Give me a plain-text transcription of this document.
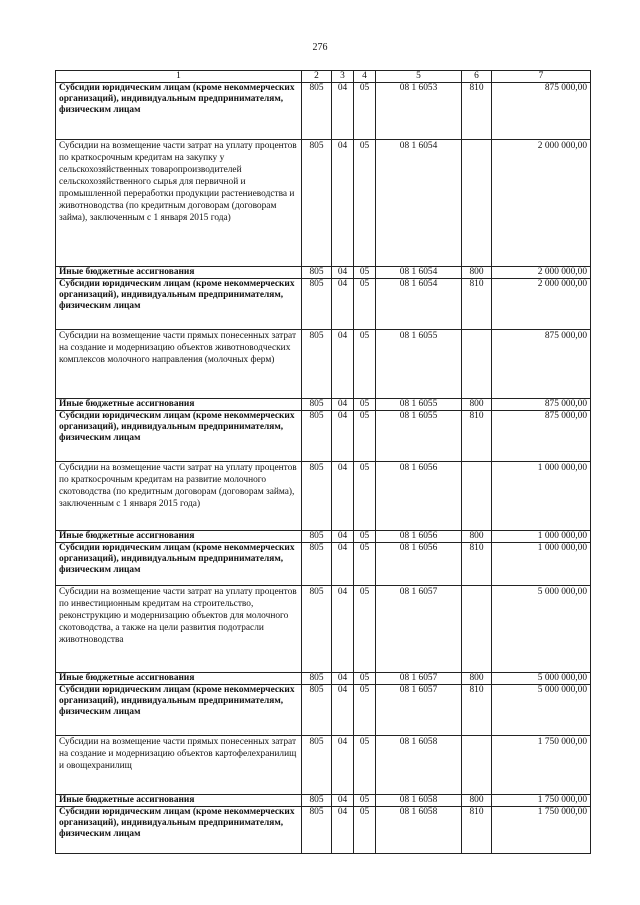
276
1	2	3	4	5	6	7
Субсидии юридическим лицам (кроме некоммерческих организаций), индивидуальным предпринимателям, физическим лицам	805	04	05	08 1 6053	810	875 000,00
Субсидии на возмещение части затрат на уплату процентов по краткосрочным кредитам на закупку у сельскохозяйственных товаропроизводителей сельскохозяйственного сырья для первичной и промышленной переработки продукции растениеводства и животноводства (по кредитным договорам (договорам займа), заключенным с 1 января 2015 года)	805	04	05	08 1 6054		2 000 000,00
Иные бюджетные ассигнования	805	04	05	08 1 6054	800	2 000 000,00
Субсидии юридическим лицам (кроме некоммерческих организаций), индивидуальным предпринимателям, физическим лицам	805	04	05	08 1 6054	810	2 000 000,00
Субсидии на возмещение части прямых понесенных затрат на создание и модернизацию объектов животноводческих комплексов молочного направления (молочных ферм)	805	04	05	08 1 6055		875 000,00
Иные бюджетные ассигнования	805	04	05	08 1 6055	800	875 000,00
Субсидии юридическим лицам (кроме некоммерческих организаций), индивидуальным предпринимателям, физическим лицам	805	04	05	08 1 6055	810	875 000,00
Субсидии на возмещение части затрат на уплату процентов по краткосрочным кредитам на развитие молочного скотоводства (по кредитным договорам (договорам займа), заключенным с 1 января 2015 года)	805	04	05	08 1 6056		1 000 000,00
Иные бюджетные ассигнования	805	04	05	08 1 6056	800	1 000 000,00
Субсидии юридическим лицам (кроме некоммерческих организаций), индивидуальным предпринимателям, физическим лицам	805	04	05	08 1 6056	810	1 000 000,00
Субсидии на возмещение части затрат на уплату процентов по инвестиционным кредитам на строительство, реконструкцию и модернизацию объектов для молочного скотоводства, а также на цели развития подотрасли животноводства	805	04	05	08 1 6057		5 000 000,00
Иные бюджетные ассигнования	805	04	05	08 1 6057	800	5 000 000,00
Субсидии юридическим лицам (кроме некоммерческих организаций), индивидуальным предпринимателям, физическим лицам	805	04	05	08 1 6057	810	5 000 000,00
Субсидии на возмещение части прямых понесенных затрат на создание и модернизацию объектов картофелехранилищ и овощехранилищ	805	04	05	08 1 6058		1 750 000,00
Иные бюджетные ассигнования	805	04	05	08 1 6058	800	1 750 000,00
Субсидии юридическим лицам (кроме некоммерческих организаций), индивидуальным предпринимателям, физическим лицам	805	04	05	08 1 6058	810	1 750 000,00
